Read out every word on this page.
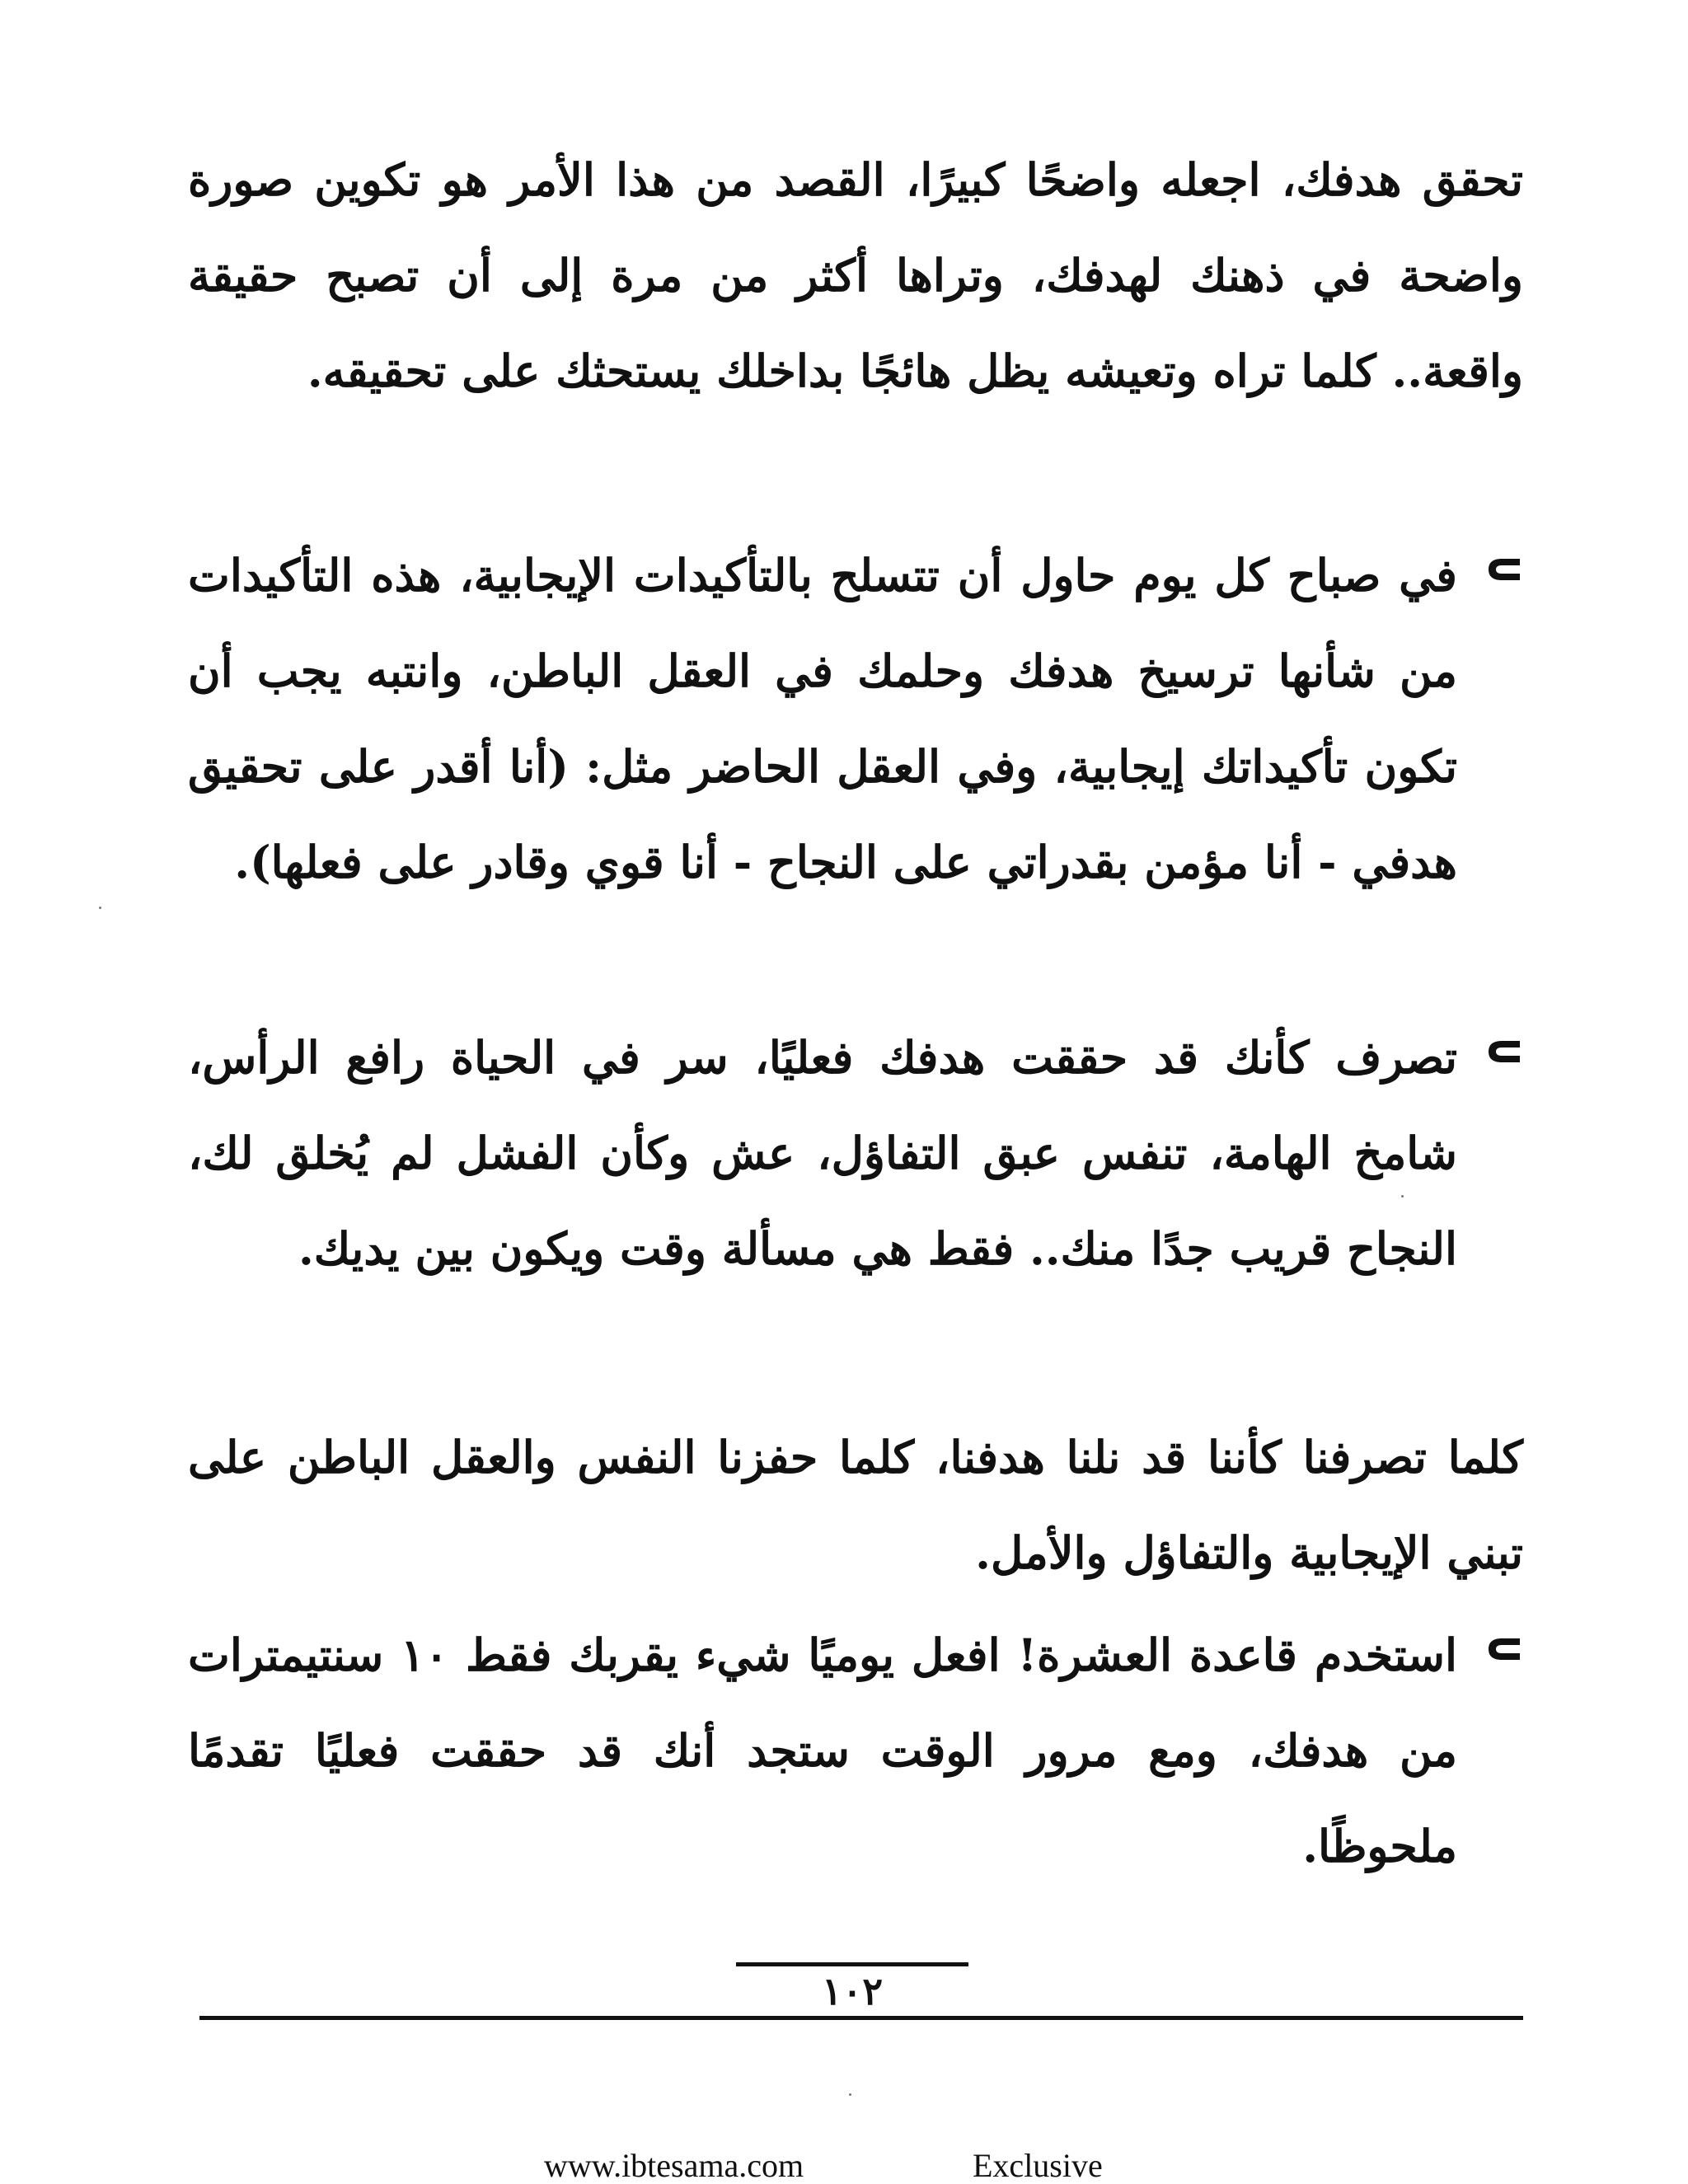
تحقق هدفك، اجعله واضحًا كبيرًا، القصد من هذا الأمر هو تكوين صورة واضحة في ذهنك لهدفك، وتراها أكثر من مرة إلى أن تصبح حقيقة واقعة.. كلما تراه وتعيشه يظل هائجًا بداخلك يستحثك على تحقيقه.

في صباح كل يوم حاول أن تتسلح بالتأكيدات الإيجابية، هذه التأكيدات من شأنها ترسيخ هدفك وحلمك في العقل الباطن، وانتبه يجب أن تكون تأكيداتك إيجابية، وفي العقل الحاضر مثل: (أنا أقدر على تحقيق هدفي - أنا مؤمن بقدراتي على النجاح - أنا قوي وقادر على فعلها).

تصرف كأنك قد حققت هدفك فعليًا، سر في الحياة رافع الرأس، شامخ الهامة، تنفس عبق التفاؤل، عش وكأن الفشل لم يُخلق لك، النجاح قريب جدًا منك.. فقط هي مسألة وقت ويكون بين يديك.

كلما تصرفنا كأننا قد نلنا هدفنا، كلما حفزنا النفس والعقل الباطن على تبني الإيجابية والتفاؤل والأمل.

استخدم قاعدة العشرة! افعل يوميًا شيء يقربك فقط ١٠ سنتيمترات من هدفك، ومع مرور الوقت ستجد أنك قد حققت فعليًا تقدمًا ملحوظًا.

١٠٢
www.ibtesama.com	Exclusive
